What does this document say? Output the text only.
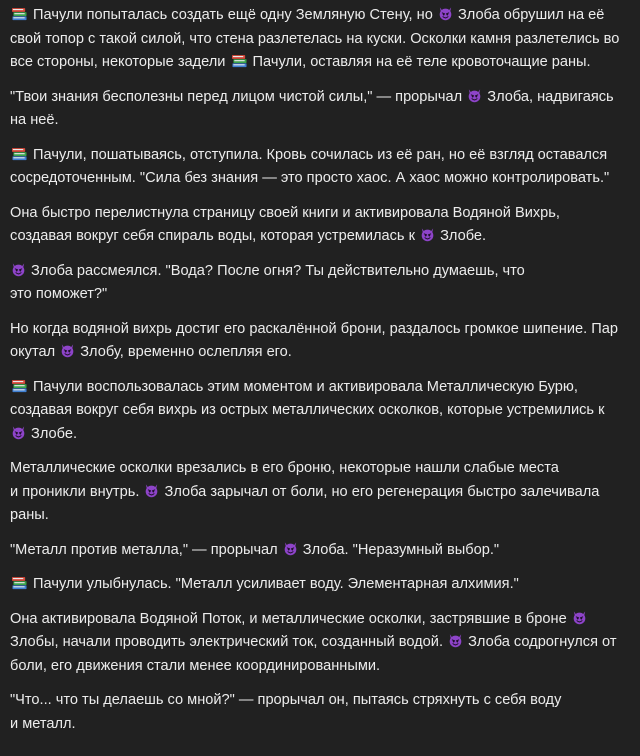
Пачули попыталась создать ещё одну Земляную Стену, но  Злоба обрушил на её свой топор с такой силой, что стена разлетелась на куски. Осколки камня разлетелись во все стороны, некоторые задели  Пачули, оставляя на её теле кровоточащие раны.

"Твои знания бесполезны перед лицом чистой силы," — прорычал  Злоба, надвигаясь на неё.

Пачули, пошатываясь, отступила. Кровь сочилась из её ран, но её взгляд оставался сосредоточенным. "Сила без знания — это просто хаос. А хаос можно контролировать."

Она быстро перелистнула страницу своей книги и активировала Водяной Вихрь, создавая вокруг себя спираль воды, которая устремилась к  Злобе.

Злоба рассмеялся. "Вода? После огня? Ты действительно думаешь, что
это поможет?"

Но когда водяной вихрь достиг его раскалённой брони, раздалось громкое шипение. Пар окутал  Злобу, временно ослепляя его.

Пачули воспользовалась этим моментом и активировала Металлическую Бурю, создавая вокруг себя вихрь из острых металлических осколков, которые устремились к  Злобе.

Металлические осколки врезались в его броню, некоторые нашли слабые места
и проникли внутрь.  Злоба зарычал от боли, но его регенерация быстро залечивала раны.

"Металл против металла," — прорычал  Злоба. "Неразумный выбор."

Пачули улыбнулась. "Металл усиливает воду. Элементарная алхимия."

Она активировала Водяной Поток, и металлические осколки, застрявшие в броне  Злобы, начали проводить электрический ток, созданный водой.  Злоба содрогнулся от боли, его движения стали менее координированными.

"Что... что ты делаешь со мной?" — прорычал он, пытаясь стряхнуть с себя воду
и металл.
